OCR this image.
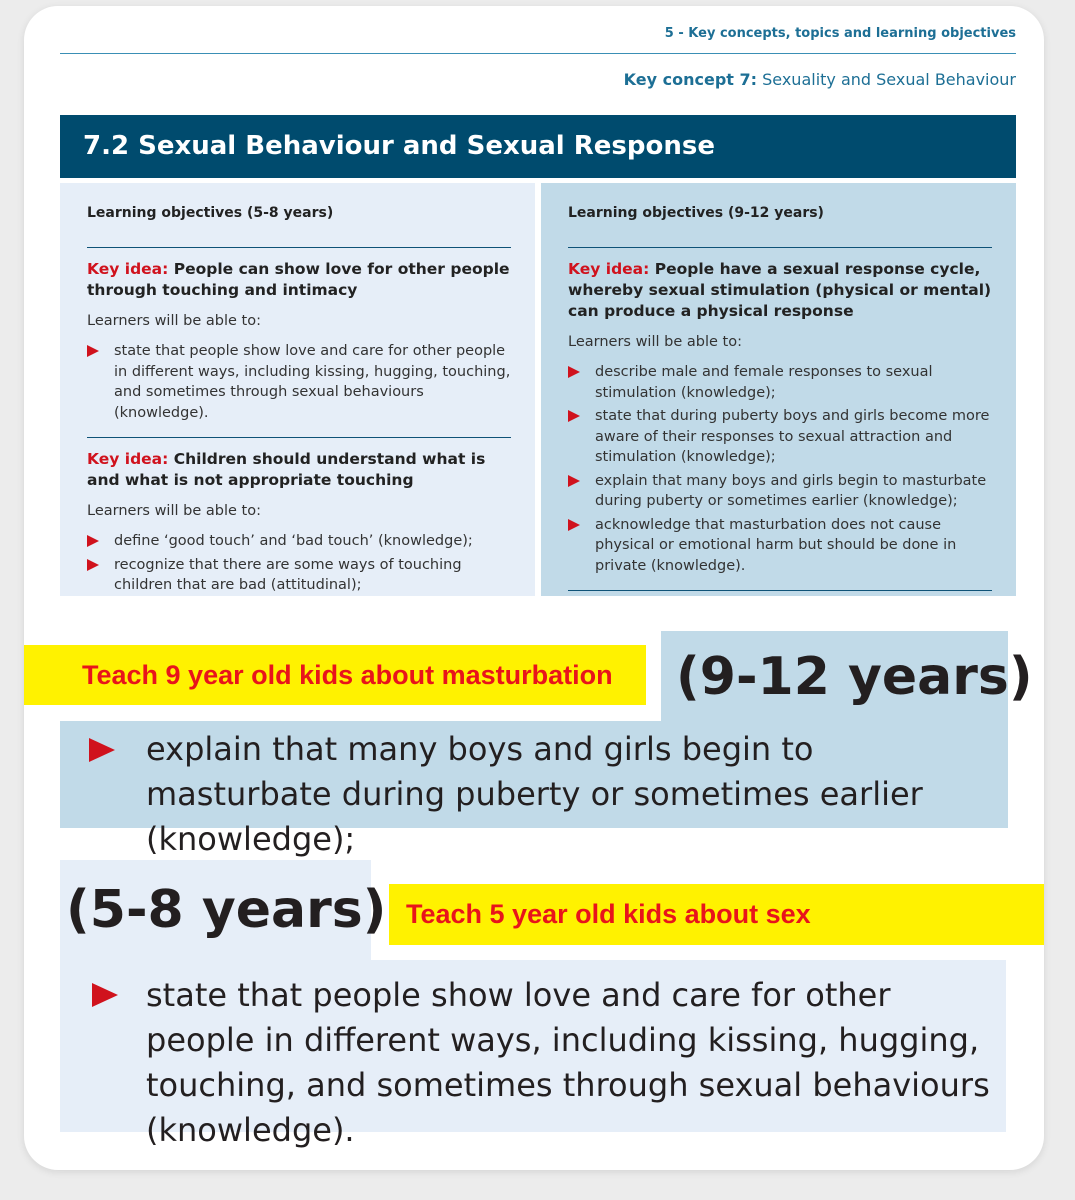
5 - Key concepts, topics and learning objectives
Key concept 7: Sexuality and Sexual Behaviour
7.2 Sexual Behaviour and Sexual Response

Learning objectives (5-8 years)

Key idea: People can show love for other people through touching and intimacy

Learners will be able to:

state that people show love and care for other people in different ways, including kissing, hugging, touching, and sometimes through sexual behaviours (knowledge).

Key idea: Children should understand what is and what is not appropriate touching

Learners will be able to:

define ‘good touch’ and ‘bad touch’ (knowledge);
recognize that there are some ways of touching children that are bad (attitudinal);

Learning objectives (9-12 years)

Key idea: People have a sexual response cycle, whereby sexual stimulation (physical or mental) can produce a physical response

Learners will be able to:

describe male and female responses to sexual stimulation (knowledge);
state that during puberty boys and girls become more aware of their responses to sexual attraction and stimulation (knowledge);
explain that many boys and girls begin to masturbate during puberty or sometimes earlier (knowledge);
acknowledge that masturbation does not cause physical or emotional harm but should be done in private (knowledge).
(9-12 years)
Teach 9 year old kids about masturbation
explain that many boys and girls begin to masturbate during puberty or sometimes earlier (knowledge);
(5-8 years) Teach 5 year old kids about sex
state that people show love and care for other people in different ways, including kissing, hugging, touching, and sometimes through sexual behaviours (knowledge).
